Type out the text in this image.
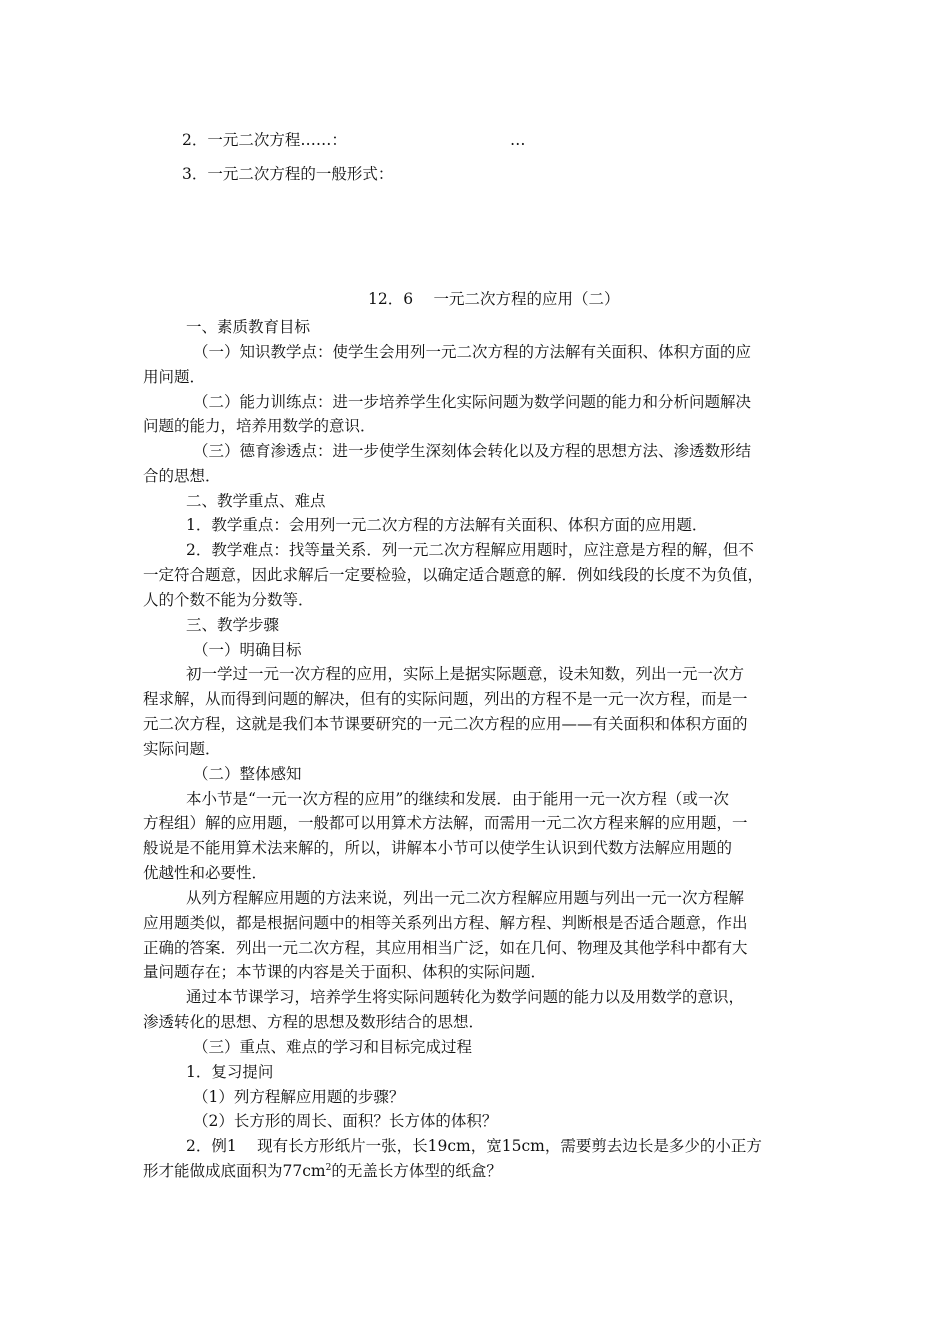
2．一元二次方程……：	…
3．一元二次方程的一般形式：
12．6　 一元二次方程的应用（二）
一、素质教育目标
（一）知识教学点：使学生会用列一元二次方程的方法解有关面积、体积方面的应
用问题．
（二）能力训练点：进一步培养学生化实际问题为数学问题的能力和分析问题解决
问题的能力，培养用数学的意识．
（三）德育渗透点：进一步使学生深刻体会转化以及方程的思想方法、渗透数形结
合的思想．
二、教学重点、难点
1．教学重点：会用列一元二次方程的方法解有关面积、体积方面的应用题．
2．教学难点：找等量关系．列一元二次方程解应用题时，应注意是方程的解，但不
一定符合题意，因此求解后一定要检验，以确定适合题意的解．例如线段的长度不为负值，
人的个数不能为分数等．
三、教学步骤
（一）明确目标
初一学过一元一次方程的应用，实际上是据实际题意，设未知数，列出一元一次方
程求解，从而得到问题的解决，但有的实际问题，列出的方程不是一元一次方程，而是一
元二次方程，这就是我们本节课要研究的一元二次方程的应用——有关面积和体积方面的
实际问题．
（二）整体感知
本小节是“一元一次方程的应用”的继续和发展．由于能用一元一次方程（或一次
方程组）解的应用题，一般都可以用算术方法解，而需用一元二次方程来解的应用题，一
般说是不能用算术法来解的，所以，讲解本小节可以使学生认识到代数方法解应用题的
优越性和必要性．
从列方程解应用题的方法来说，列出一元二次方程解应用题与列出一元一次方程解
应用题类似，都是根据问题中的相等关系列出方程、解方程、判断根是否适合题意，作出
正确的答案．列出一元二次方程，其应用相当广泛，如在几何、物理及其他学科中都有大
量问题存在；本节课的内容是关于面积、体积的实际问题．
通过本节课学习，培养学生将实际问题转化为数学问题的能力以及用数学的意识，
渗透转化的思想、方程的思想及数形结合的思想．
（三）重点、难点的学习和目标完成过程
1．复习提问
（1）列方程解应用题的步骤？
（2）长方形的周长、面积？长方体的体积？
2．例1　 现有长方形纸片一张，长19cm，宽15cm，需要剪去边长是多少的小正方
形才能做成底面积为$77cm^2$的无盖长方体型的纸盒？
